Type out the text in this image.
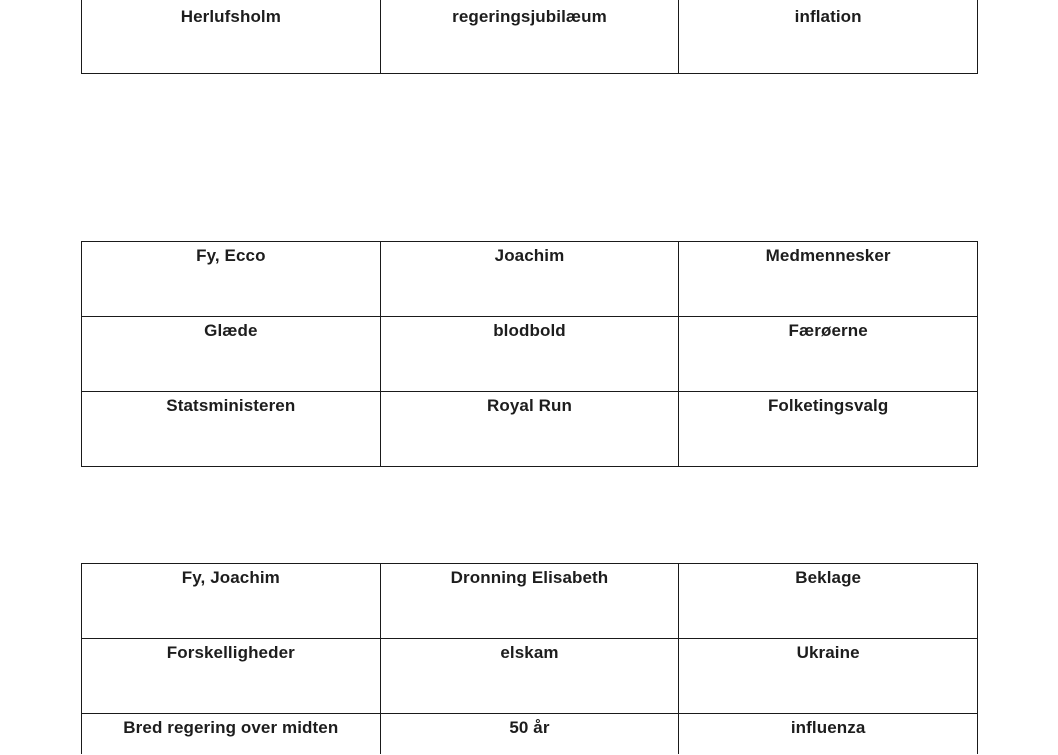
Herlufsholm	regeringsjubilæum	inflation
Fy, Ecco	Joachim	Medmennesker
Glæde	blodbold	Færøerne
Statsministeren	Royal Run	Folketingsvalg
Fy, Joachim	Dronning Elisabeth	Beklage
Forskelligheder	elskam	Ukraine
Bred regering over midten	50 år	influenza
